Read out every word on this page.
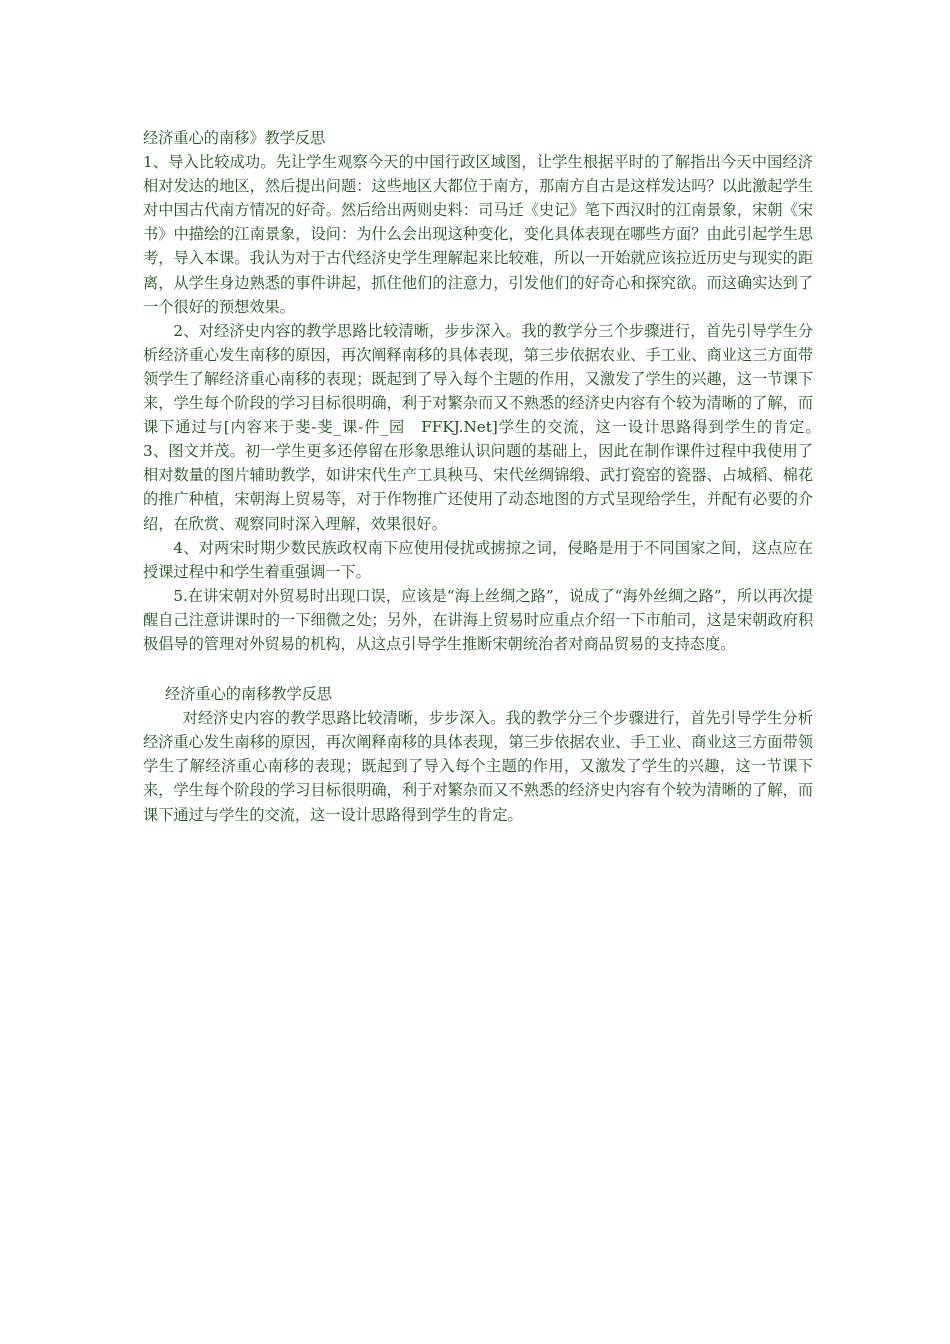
经济重心的南移》教学反思

1、导入比较成功。先让学生观察今天的中国行政区域图，让学生根据平时的了解指出今天中国经济相对发达的地区，然后提出问题：这些地区大都位于南方，那南方自古是这样发达吗？以此激起学生对中国古代南方情况的好奇。然后给出两则史料：司马迁《史记》笔下西汉时的江南景象，宋朝《宋书》中描绘的江南景象，设问：为什么会出现这种变化，变化具体表现在哪些方面？由此引起学生思考，导入本课。我认为对于古代经济史学生理解起来比较难，所以一开始就应该拉近历史与现实的距离，从学生身边熟悉的事件讲起，抓住他们的注意力，引发他们的好奇心和探究欲。而这确实达到了一个很好的预想效果。

2、对经济史内容的教学思路比较清晰，步步深入。我的教学分三个步骤进行，首先引导学生分析经济重心发生南移的原因，再次阐释南移的具体表现，第三步依据农业、手工业、商业这三方面带领学生了解经济重心南移的表现；既起到了导入每个主题的作用，又激发了学生的兴趣，这一节课下来，学生每个阶段的学习目标很明确，利于对繁杂而又不熟悉的经济史内容有个较为清晰的了解，而课下通过与[内容来于斐-斐_课-件_园　FFKJ.Net]学生的交流，这一设计思路得到学生的肯定。　　　　　3、图文并茂。初一学生更多还停留在形象思维认识问题的基础上，因此在制作课件过程中我使用了相对数量的图片辅助教学，如讲宋代生产工具秧马、宋代丝绸锦缎、武打瓷窑的瓷器、占城稻、棉花的推广种植，宋朝海上贸易等，对于作物推广还使用了动态地图的方式呈现给学生，并配有必要的介绍，在欣赏、观察同时深入理解，效果很好。

4、对两宋时期少数民族政权南下应使用侵扰或掳掠之词，侵略是用于不同国家之间，这点应在授课过程中和学生着重强调一下。

5.在讲宋朝对外贸易时出现口误，应该是“海上丝绸之路”，说成了“海外丝绸之路”，所以再次提醒自己注意讲课时的一下细微之处；另外，在讲海上贸易时应重点介绍一下市舶司，这是宋朝政府积极倡导的管理对外贸易的机构，从这点引导学生推断宋朝统治者对商品贸易的支持态度。

经济重心的南移教学反思

对经济史内容的教学思路比较清晰，步步深入。我的教学分三个步骤进行，首先引导学生分析经济重心发生南移的原因，再次阐释南移的具体表现，第三步依据农业、手工业、商业这三方面带领学生了解经济重心南移的表现；既起到了导入每个主题的作用，又激发了学生的兴趣，这一节课下来，学生每个阶段的学习目标很明确，利于对繁杂而又不熟悉的经济史内容有个较为清晰的了解，而课下通过与学生的交流，这一设计思路得到学生的肯定。
